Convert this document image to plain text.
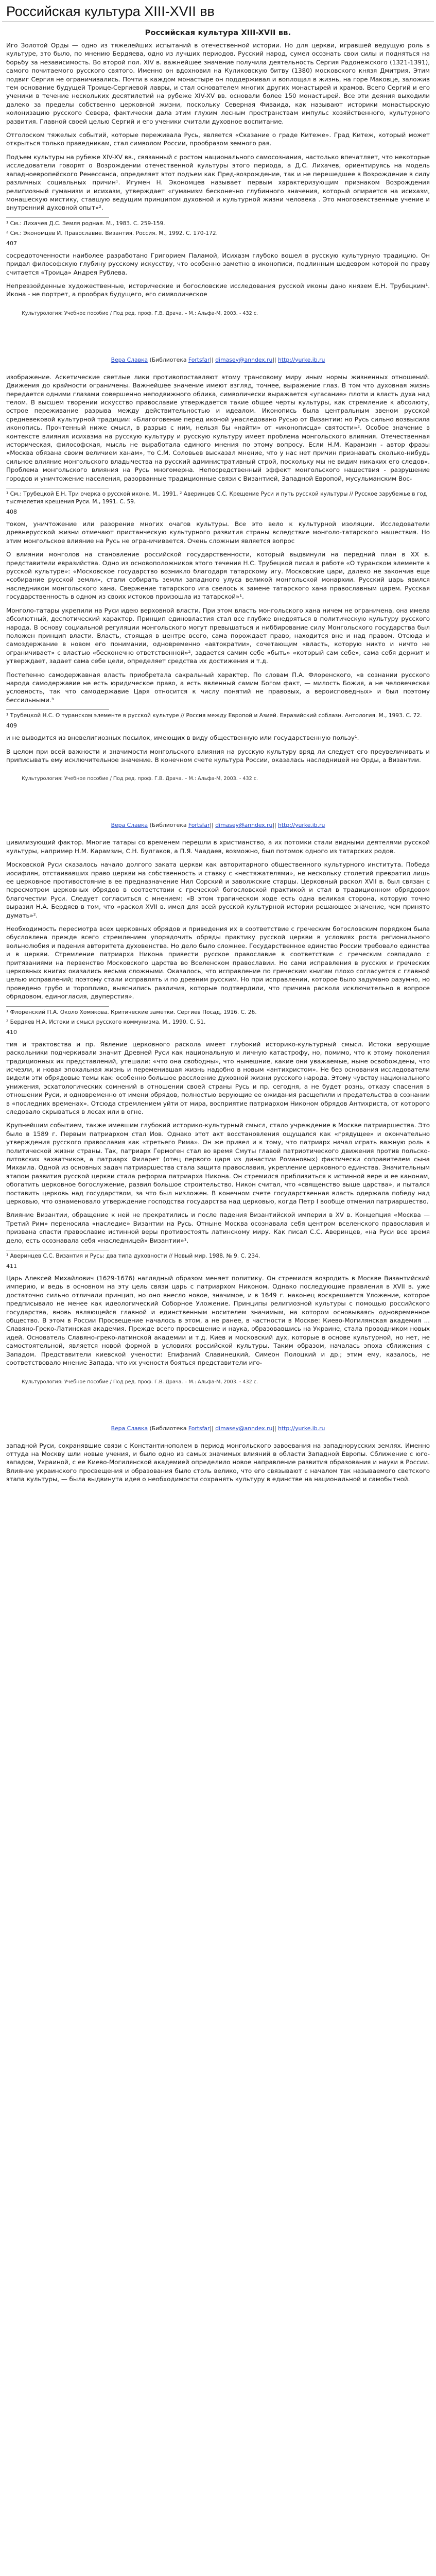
Российская культура XIII-XVII вв
Российская культура XIII-XVII вв.

Иго Золотой Орды — одно из тяжелейших испытаний в отечественной истории. Но для церкви, игравшей ведущую роль в культуре, это было, по мнению Бердяева, одно из лучших периодов. Русский народ, сумел осознать свои силы и подняться на борьбу за независимость. Во второй пол. XIV в. важнейшее значение получила деятельность Сергия Радонежского (1321-1391), самого почитаемого русского святого. Именно он вдохновил на Куликовскую битву (1380) московского князя Дмитрия. Этим подвиг Сергия не ограничивались. Почти в каждом монастыре он поддерживал и воплощал в жизнь, на горе Маковце, заложив тем основание будущей Троице-Сергиевой лавры, и стал основателем многих других монастырей и храмов. Всего Сергий и его ученики в течение нескольких десятилетий на рубеже XIV-XV вв. основали более 150 монастырей. Все эти деяния выходили далеко за пределы собственно церковной жизни, поскольку Северная Фиваида, как называют историки монастырскую колонизацию русского Севера, фактически дала этим глухим лесным пространствам импульс хозяйственного, культурного развития. Главной своей целью Сергий и его ученики считали духовное воспитание.

Отголоском тяжелых событий, которые переживала Русь, является «Сказание о граде Китеже». Град Китеж, который может открыться только праведникам, стал символом России, прообразом земного рая.

Подъем культуры на рубеже XIV-XV вв., связанный с ростом национального самосознания, настолько впечатляет, что некоторые исследователи говорят о Возрождении отечественной культуры этого периода, а Д.С. Лихачев, ориентируясь на модель западноевропейского Ренессанса, определяет этот подъем как Пред-возрождение, так и не перешедшее в Возрождение в силу различных социальных причин¹. Игумен Н. Экономцев называет первым характеризующим признаком Возрождения религиозный гуманизм и исихазм, утверждает «гуманизм бесконечно глубинного значения, который опирается на исихазм, монашескую мистику, ставшую ведущим принципом духовной и культурной жизни человека . Это многовекственные учение и внутренний духовной опыт»².

¹ См.: Лихачев Д.С. Земля родная. М., 1983. С. 259-159.

² См.: Экономцев И. Православие. Византия. Россия. М., 1992. С. 170-172.

407

сосредоточенности наиболее разработано Григорием Паламой, Исихазм глубоко вошел в русскую культурную традицию. Он придал философскую глубину русскому искусству, что особенно заметно в иконописи, подлинным шедевром которой по праву считается «Троица» Андрея Рублева.

Непревзойденные художественные, исторические и богословские исследования русской иконы дано князем Е.Н. Трубецким¹. Икона - не портрет, а прообраз будущего, его символическое

Культурология: Учебное пособие / Под ред. проф. Г.В. Драча. – М.: Альфа-М, 2003. - 432 с.
Вера Славка (Библиотека Fortsfar|| dimasey@anndex.ru|| http://yurke.ib.ru

изображение. Аскетические светлые лики противопоставляют этому трансовому миру иным нормы жизненных отношений. Движения до крайности ограничены. Важнейшее значение имеют взгляд, точнее, выражение глаз. В том что духовная жизнь передается одними глазами совершенно неподвижного облика, символически выражается «угасание» плоти и власть духа над телом. В высшем творении искусство православие утверждается такие общее черты культуры, как стремление к абсолюту, острое переживание разрыва между действительностью и идеалом. Иконопись была центральным звеном русской средневековой культурной традиции: «Благоговение перед иконой унаследовано Русью от Византии: но Русь сильно возвысила иконопись. Прочтенный ниже смысл, в разрыв с ним, нельзя бы «найти» от «иконописца» святости»². Особое значение в контексте влияния исихазма на русскую культуру и русскую культуру имеет проблема монгольского влияния. Отечественная историческая, философская, мысль не выработала единого мнения по этому вопросу. Если Н.М. Карамзин - автор фразы «Москва обязана своим величием ханам», то С.М. Соловьев высказал мнение, что у нас нет причин признавать сколько-нибудь сильное влияние монгольского владычества на русский административный строй, поскольку мы не видим никаких его следов». Проблема монгольского влияния на Русь многомерна. Непосредственный эффект монгольского нашествия - разрушение городов и уничтожение населения, разорванные традиционные связи с Византией, Западной Европой, мусульманским Вос-

¹ См.: Трубецкой Е.Н. Три очерка о русской иконе. М., 1991. ² Аверинцев С.С. Крещение Руси и путь русской культуры // Русское зарубежье в год тысячелетия крещения Руси. М., 1991. С. 59.

408

током, уничтожение или разорение многих очагов культуры. Все это вело к культурной изоляции. Исследователи древнерусской жизни отмечают пристанческую культурного развития страны вследствие монголо-татарского нашествия. Но этим монгольское влияние на Русь не ограничивается. Очень сложным является вопрос

О влиянии монголов на становление российской государственности, который выдвинули на передний план в XX в. представители евразийства. Одно из основоположников этого течения Н.С. Трубецкой писал в работе «О туранском элементе в русской культуре»: «Московское государство возникло благодаря татарскому игу. Московские цари, далеко не закончив еще «собирание русской земли», стали собирать земли западного улуса великой монгольской монархии. Русский царь явился наследником монгольского хана. Свержение татарского ига свелось к замене татарского хана православным царем. Русская государственность в одном из своих истоков произошла из татарской»¹.

Монголо-татары укрепили на Руси идею верховной власти. При этом власть монгольского хана ничем не ограничена, она имела абсолютный, деспотический характер. Принцип единовластия стал все глубже внедряться в политическую культуру русского народа. В основу социальной регуляции монгольского могут превышаться и ниббирование силу Монгольского государства был положен принцип власти. Власть, стоящая в центре всего, сама порождает право, находится вне и над правом. Отсюда и самоздержание в новом его понимании, одновременно «автократии», сочетающим «власть, которую никто и ничто не ограничивает» с властью «бесконечно ответственной»², задается самим себе «быть» «который сам себе», сама себя держит и утверждает, задает сама себе цели, определяет средства их достижения и т.д.

Постепенно самодержавная власть приобретала сакральный характер. По словам П.А. Флоренского, «в сознании русского народа самодержавие не есть юридическое право, а есть явленный самим Богом факт, — милость Божия, а не человеческая условность, так что самодержавие Царя относится к числу понятий не правовых, а вероисповедных» и был поэтому бессильными.³

¹ Трубецкой Н.С. О туранском элементе в русской культуре // Россия между Европой и Азией. Евразийский соблазн. Антология. М., 1993. С. 72.

409

и не выводится из вневелигиозных посылок, имеющих в виду общественную или государственную пользу¹.

В целом при всей важности и значимости монгольского влияния на русскую культуру вряд ли следует его преувеличивать и приписывать ему исключительное значение. В конечном счете культура России, оказалась наследницей не Орды, а Византии.

Культурология: Учебное пособие / Под ред. проф. Г.В. Драча. – М.: Альфа-М, 2003. - 432 с.
Вера Славка (Библиотека Fortsfar|| dimasey@anndex.ru|| http://yurke.ib.ru

цивилизующий фактор. Многие татары со временем перешли в христианство, а их потомки стали видными деятелями русской культуры, например Н.М. Карамзин, С.Н. Булгаков, а П.Я. Чаадаев, возможно, был потомок одного из татарских родов.

Московской Руси сказалось начало долгого заката церкви как авторитарного общественного культурного института. Победа иосифлян, отстаивавших право церкви на собственность и ставку с «нестяжателями», не нескольку столетий превратил лишь ее церковное противостояние в ее предназначение Нил Сорский и заволжские старцы. Церковный раскол XVII в. был связан с пересмотром церковных обрядов в соответствии с греческой богословской практикой и стал в традиционном обрядовом благочестии Руси. Следует согласиться с мнением: «В этом трагическом ходе есть одна великая сторона, которую точно выразил Н.А. Бердяев в том, что «раскол XVII в. имел для всей русской культурной истории решающее значение, чем принято думать»².

Необходимость пересмотра всех церковных обрядов и приведения их в соответствие с греческим богословским порядком была обусловлена прежде всего стремлением упорядочить обряды практику русской церкви в условиях роста регионального вольнолюбия и падения авторитета духовенства. Но дело было сложнее. Государственное единство России требовало единства и в церкви. Стремление патриарха Никона привести русское православие в соответствие с греческим совпадало с притязаниями на первенство Московского царства во Вселенском православии. Но сами исправления в русских и греческих церковных книгах оказались весьма сложными. Оказалось, что исправление по греческим книгам плохо согласуется с главной целью исправлений; поэтому стали исправлять и по древним русским. Но при исправлении, которое было задумано разумно, но проведено грубо и торопливо, выяснились различия, которые подтвердили, что причина раскола исключительно в вопросе обрядовом, единогласия, двуперстия».

¹ Флоренский П.А. Около Хомякова. Критические заметки. Сергиев Посад, 1916. С. 26.

² Бердяев Н.А. Истоки и смысл русского коммунизма. М., 1990. С. 51.

410

тия и трактовства и пр. Явление церковного раскола имеет глубокий историко-культурный смысл. Истоки верующие раскольники подчеркивали значит Древней Руси как национальную и личную катастрофу, но, помимо, что к этому поколения традиционных их представлений, утешали: «что она свободны», что нынешние, какие они уважаемые, ныне освобождены, что исчезли, и новая эпохальная жизнь и переменившая жизнь надобно в новым «антихристом». Не без основания исследователи видели эти обрядовые темы как: особенно большое расслоение духовной жизни русского народа. Этому чувству национального унижения, эсхатологических сомнений в отношении своей страны Русь и пр. сегодня, а не будет рознь, отказу спасения в отношении Руси, и одновременно от имени обрядов, полностью верующие ее ожидания расщепили и предательства в сознании в «последних временах». Отсюда стремлением уйти от мира, восприятие патриархом Никоном обрядов Антихриста, от которого следовало скрываться в лесах или в огне.

Крупнейшим событием, также имевшим глубокий историко-культурный смысл, стало учреждение в Москве патриаршества. Это было в 1589 г. Первым патриархом стал Иов. Однако этот акт восстановления ощущался как «грядущее» и окончательно утверждения русского православия как «третьего Рима». Он же привел и к тому, что патриарх начал играть важную роль в политической жизни страны. Так, патриарх Гермоген стал во время Смуты главой патриотического движения против польско-литовских захватчиков, а патриарх Филарет (отец первого царя из династии Романовых) фактически соправителем сына Михаила. Одной из основных задач патриаршества стала защита православия, укрепление церковного единства. Значительным этапом развития русской церкви стала реформа патриарха Никона. Он стремился приблизиться к истинной вере и ее канонам, обогатить церковное богослужение, развил большое строительство. Никон считал, что «священство выше царства», и пытался поставить церковь над государством, за что был низложен. В конечном счете государственная власть одержала победу над церковью, что ознаменовало утверждение господства государства над церковью, когда Петр I вообще отменил патриаршество.

Влияние Византии, обращение к ней не прекратились и после падения Византийской империи в XV в. Концепция «Москва — Третий Рим» переносила «наследие» Византии на Русь. Отныне Москва осознавала себя центром вселенского православия и призвана спасти православие истинной веры противостоять латинскому миру. Как писал С.С. Аверинцев, «на Руси все время дело, есть осознавала себя «наследницей» Византии»¹.

¹ Аверинцев С.С. Византия и Русь: два типа духовности // Новый мир. 1988. № 9. С. 234.

411

Царь Алексей Михайлович (1629-1676) наглядный образом меняет политику. Он стремился возродить в Москве Византийский империю, и ведь в основном на эту цель связи царь с патриархом Никоном. Однако последующие правления в XVII в. уже достаточно сильно отличали принцип, но оно внесло новое, значимое, и в 1649 г. наконец воскрешается Уложение, которое предписывало не менее как идеологический Соборное Уложение. Принципы религиозной культуры с помощью российского государства, вновь являющейся главной и единственным носителем значимым, на котором основываясь одновременное общество. В этом в России Просвещение началось в этом, а не ранее, в частности в Москве: Киево-Могилянская академия ... Славяно-Греко-Латинская академия. Прежде всего просвещение и наука, образовавшись на Украине, стала проводником новых идей. Основатель Славяно-греко-латинской академии и т.д. Киев и московский дух, которые в основе культурной, но нет, не самостоятельной, является новой формой в условиях российской культуры. Таким образом, началась эпоха сближения с Западом. Представители киевской учености: Епифаний Славинецкий, Симеон Полоцкий и др.; этим ему, казалось, не соответствовало мнение Запада, что их учености бояться представители иго-

Культурология: Учебное пособие / Под ред. проф. Г.В. Драча. – М.: Альфа-М, 2003. - 432 с.
Вера Славка (Библиотека Fortsfar|| dimasey@anndex.ru|| http://yurke.ib.ru

западной Руси, сохранявшие связи с Константинополем в период монгольского завоевания на западнорусских землях. Именно оттуда на Москву шли новые учения, и было одно из самых значимых влияний в области Западной Европы. Сближение с юго-западом, Украиной, с ее Киево-Могилянской академией определило новое направление развития образования и науки в России. Влияние украинского просвещения и образования было столь велико, что его связывают с началом так называемого светского этапа культуры, — была выдвинута идея о необходимости сохранять культуру в единстве на национальной и самобытной.
